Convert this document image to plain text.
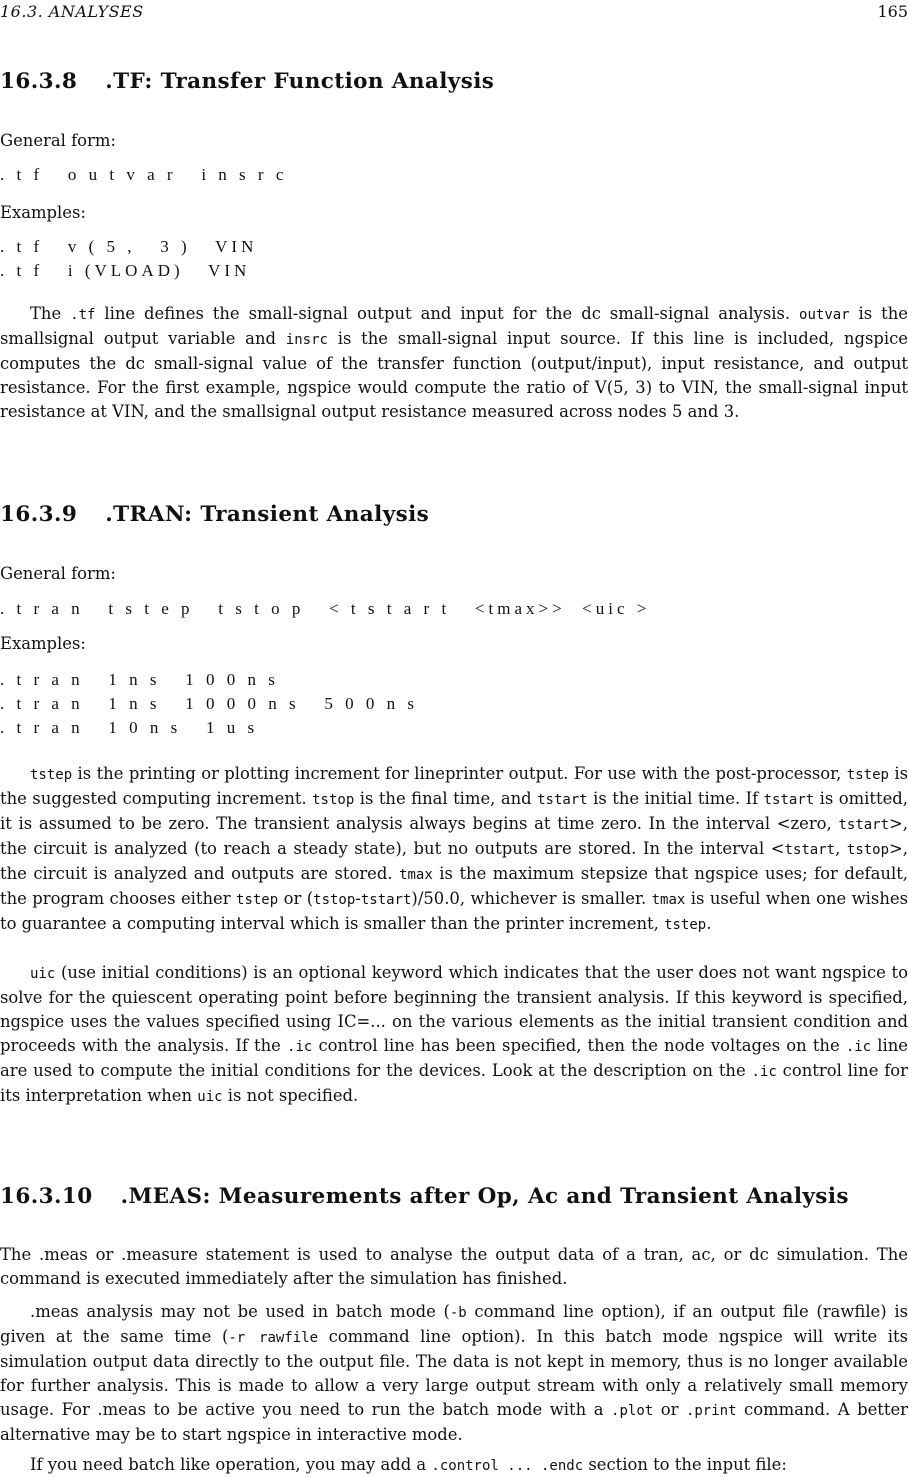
16.3. ANALYSES	165
16.3.8 .TF: Transfer Function Analysis
General form:
. t f   o u t v a r   i n s r c
Examples:
. t f   v ( 5 ,   3 )   VIN
. t f   i (VLOAD)   VIN

The .tf line defines the small-signal output and input for the dc small-signal analysis. outvar is the smallsignal output variable and insrc is the small-signal input source. If this line is included, ngspice computes the dc small-signal value of the transfer function (output/input), input resistance, and output resistance. For the first example, ngspice would compute the ratio of V(5, 3) to VIN, the small-signal input resistance at VIN, and the smallsignal output resistance measured across nodes 5 and 3.

16.3.9 .TRAN: Transient Analysis
General form:
. t r a n   t s t e p   t s t o p   < t s t a r t   <tmax>>  <uic >
Examples:
. t r a n   1 n s   1 0 0 n s
. t r a n   1 n s   1 0 0 0 n s   5 0 0 n s
. t r a n   1 0 n s   1 u s

tstep is the printing or plotting increment for lineprinter output. For use with the post-processor, tstep is the suggested computing increment. tstop is the final time, and tstart is the initial time. If tstart is omitted, it is assumed to be zero. The transient analysis always begins at time zero. In the interval <zero, tstart>, the circuit is analyzed (to reach a steady state), but no outputs are stored. In the interval <tstart, tstop>, the circuit is analyzed and outputs are stored. tmax is the maximum stepsize that ngspice uses; for default, the program chooses either tstep or (tstop-tstart)/50.0, whichever is smaller. tmax is useful when one wishes to guarantee a computing interval which is smaller than the printer increment, tstep.

uic (use initial conditions) is an optional keyword which indicates that the user does not want ngspice to solve for the quiescent operating point before beginning the transient analysis. If this keyword is specified, ngspice uses the values specified using IC=... on the various elements as the initial transient condition and proceeds with the analysis. If the .ic control line has been specified, then the node voltages on the .ic line are used to compute the initial conditions for the devices. Look at the description on the .ic control line for its interpretation when uic is not specified.

16.3.10 .MEAS: Measurements after Op, Ac and Transient Analysis

The .meas or .measure statement is used to analyse the output data of a tran, ac, or dc simulation. The command is executed immediately after the simulation has finished.

.meas analysis may not be used in batch mode (-b command line option), if an output file (rawfile) is given at the same time (-r rawfile command line option). In this batch mode ngspice will write its simulation output data directly to the output file. The data is not kept in memory, thus is no longer available for further analysis. This is made to allow a very large output stream with only a relatively small memory usage. For .meas to be active you need to run the batch mode with a .plot or .print command. A better alternative may be to start ngspice in interactive mode.

If you need batch like operation, you may add a .control ... .endc section to the input file:
